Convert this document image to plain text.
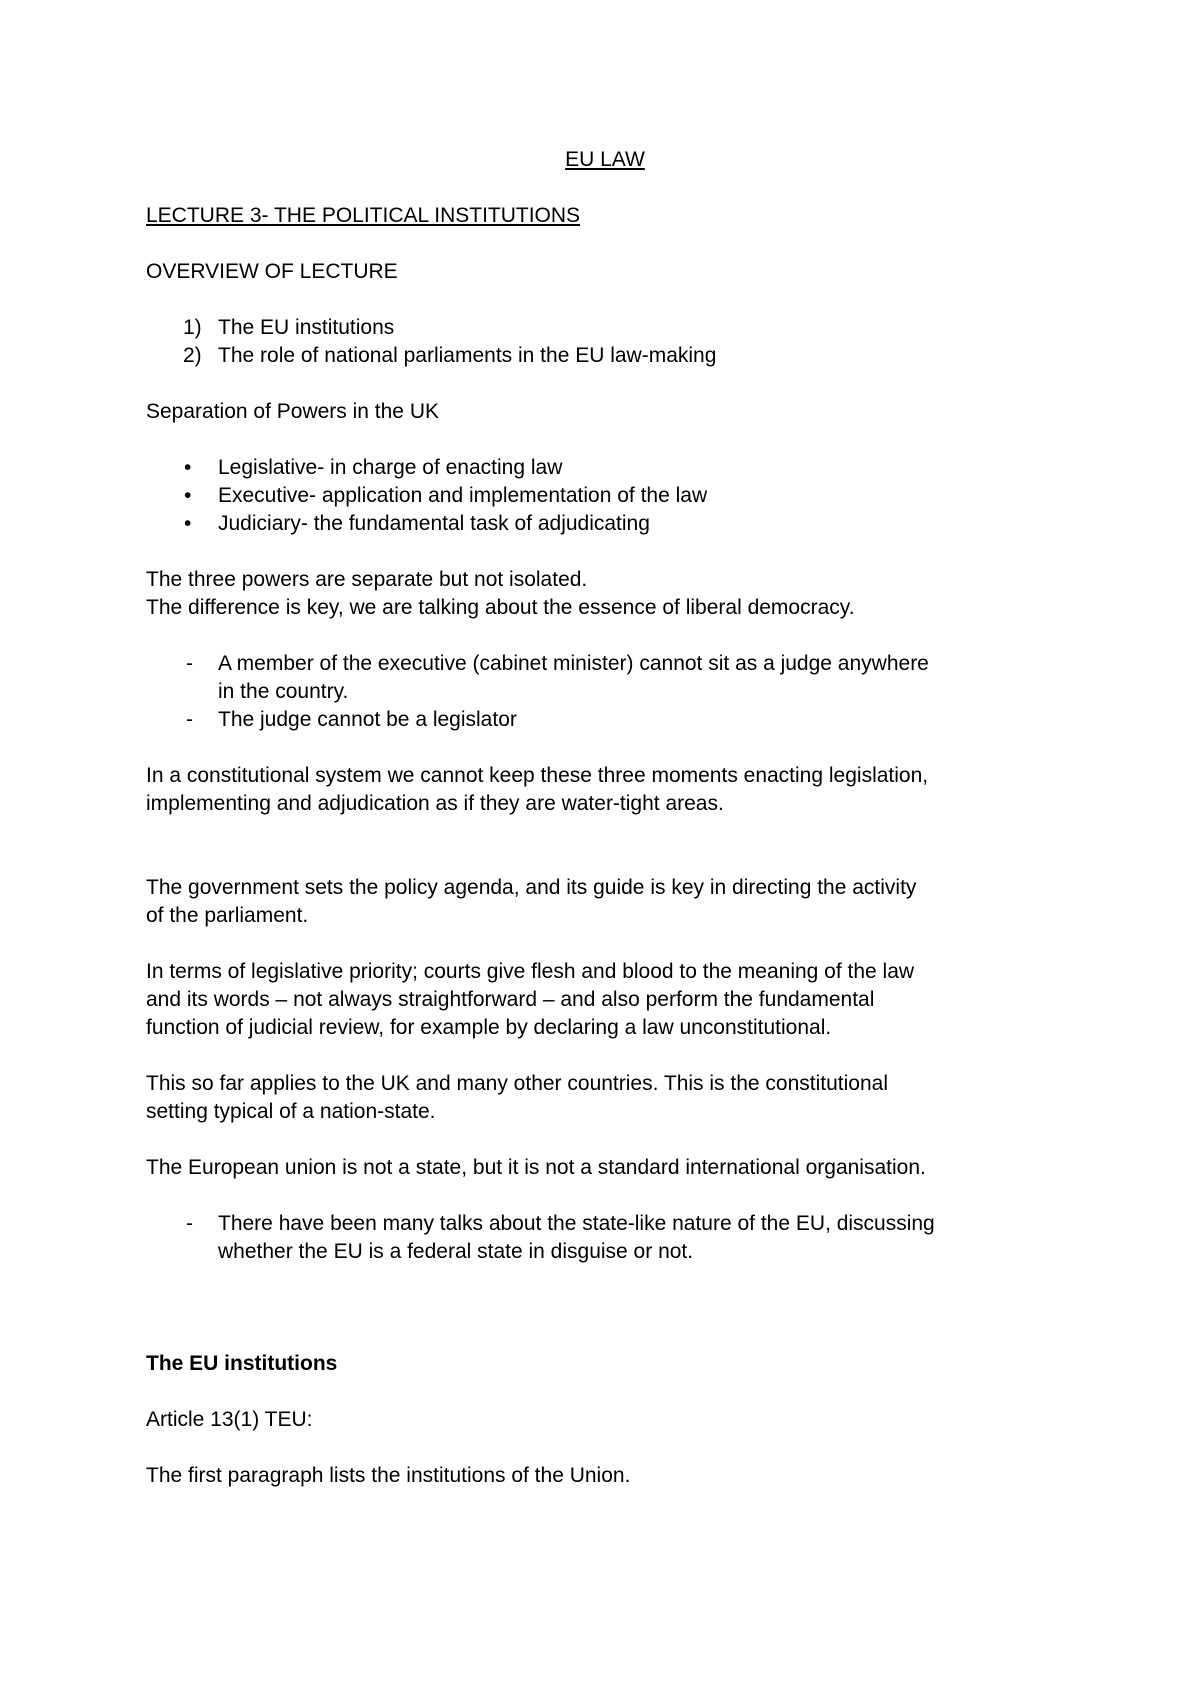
EU LAW
LECTURE 3- THE POLITICAL INSTITUTIONS
OVERVIEW OF LECTURE
1) The EU institutions
2) The role of national parliaments in the EU law-making
Separation of Powers in the UK
• Legislative- in charge of enacting law
• Executive- application and implementation of the law
• Judiciary- the fundamental task of adjudicating
The three powers are separate but not isolated.
The difference is key, we are talking about the essence of liberal democracy.
- A member of the executive (cabinet minister) cannot sit as a judge anywhere
in the country.
- The judge cannot be a legislator
In a constitutional system we cannot keep these three moments enacting legislation,
implementing and adjudication as if they are water-tight areas.
The government sets the policy agenda, and its guide is key in directing the activity
of the parliament.
In terms of legislative priority; courts give flesh and blood to the meaning of the law
and its words – not always straightforward – and also perform the fundamental
function of judicial review, for example by declaring a law unconstitutional.
This so far applies to the UK and many other countries. This is the constitutional
setting typical of a nation-state.
The European union is not a state, but it is not a standard international organisation.
- There have been many talks about the state-like nature of the EU, discussing
whether the EU is a federal state in disguise or not.
The EU institutions
Article 13(1) TEU:
The first paragraph lists the institutions of the Union.
